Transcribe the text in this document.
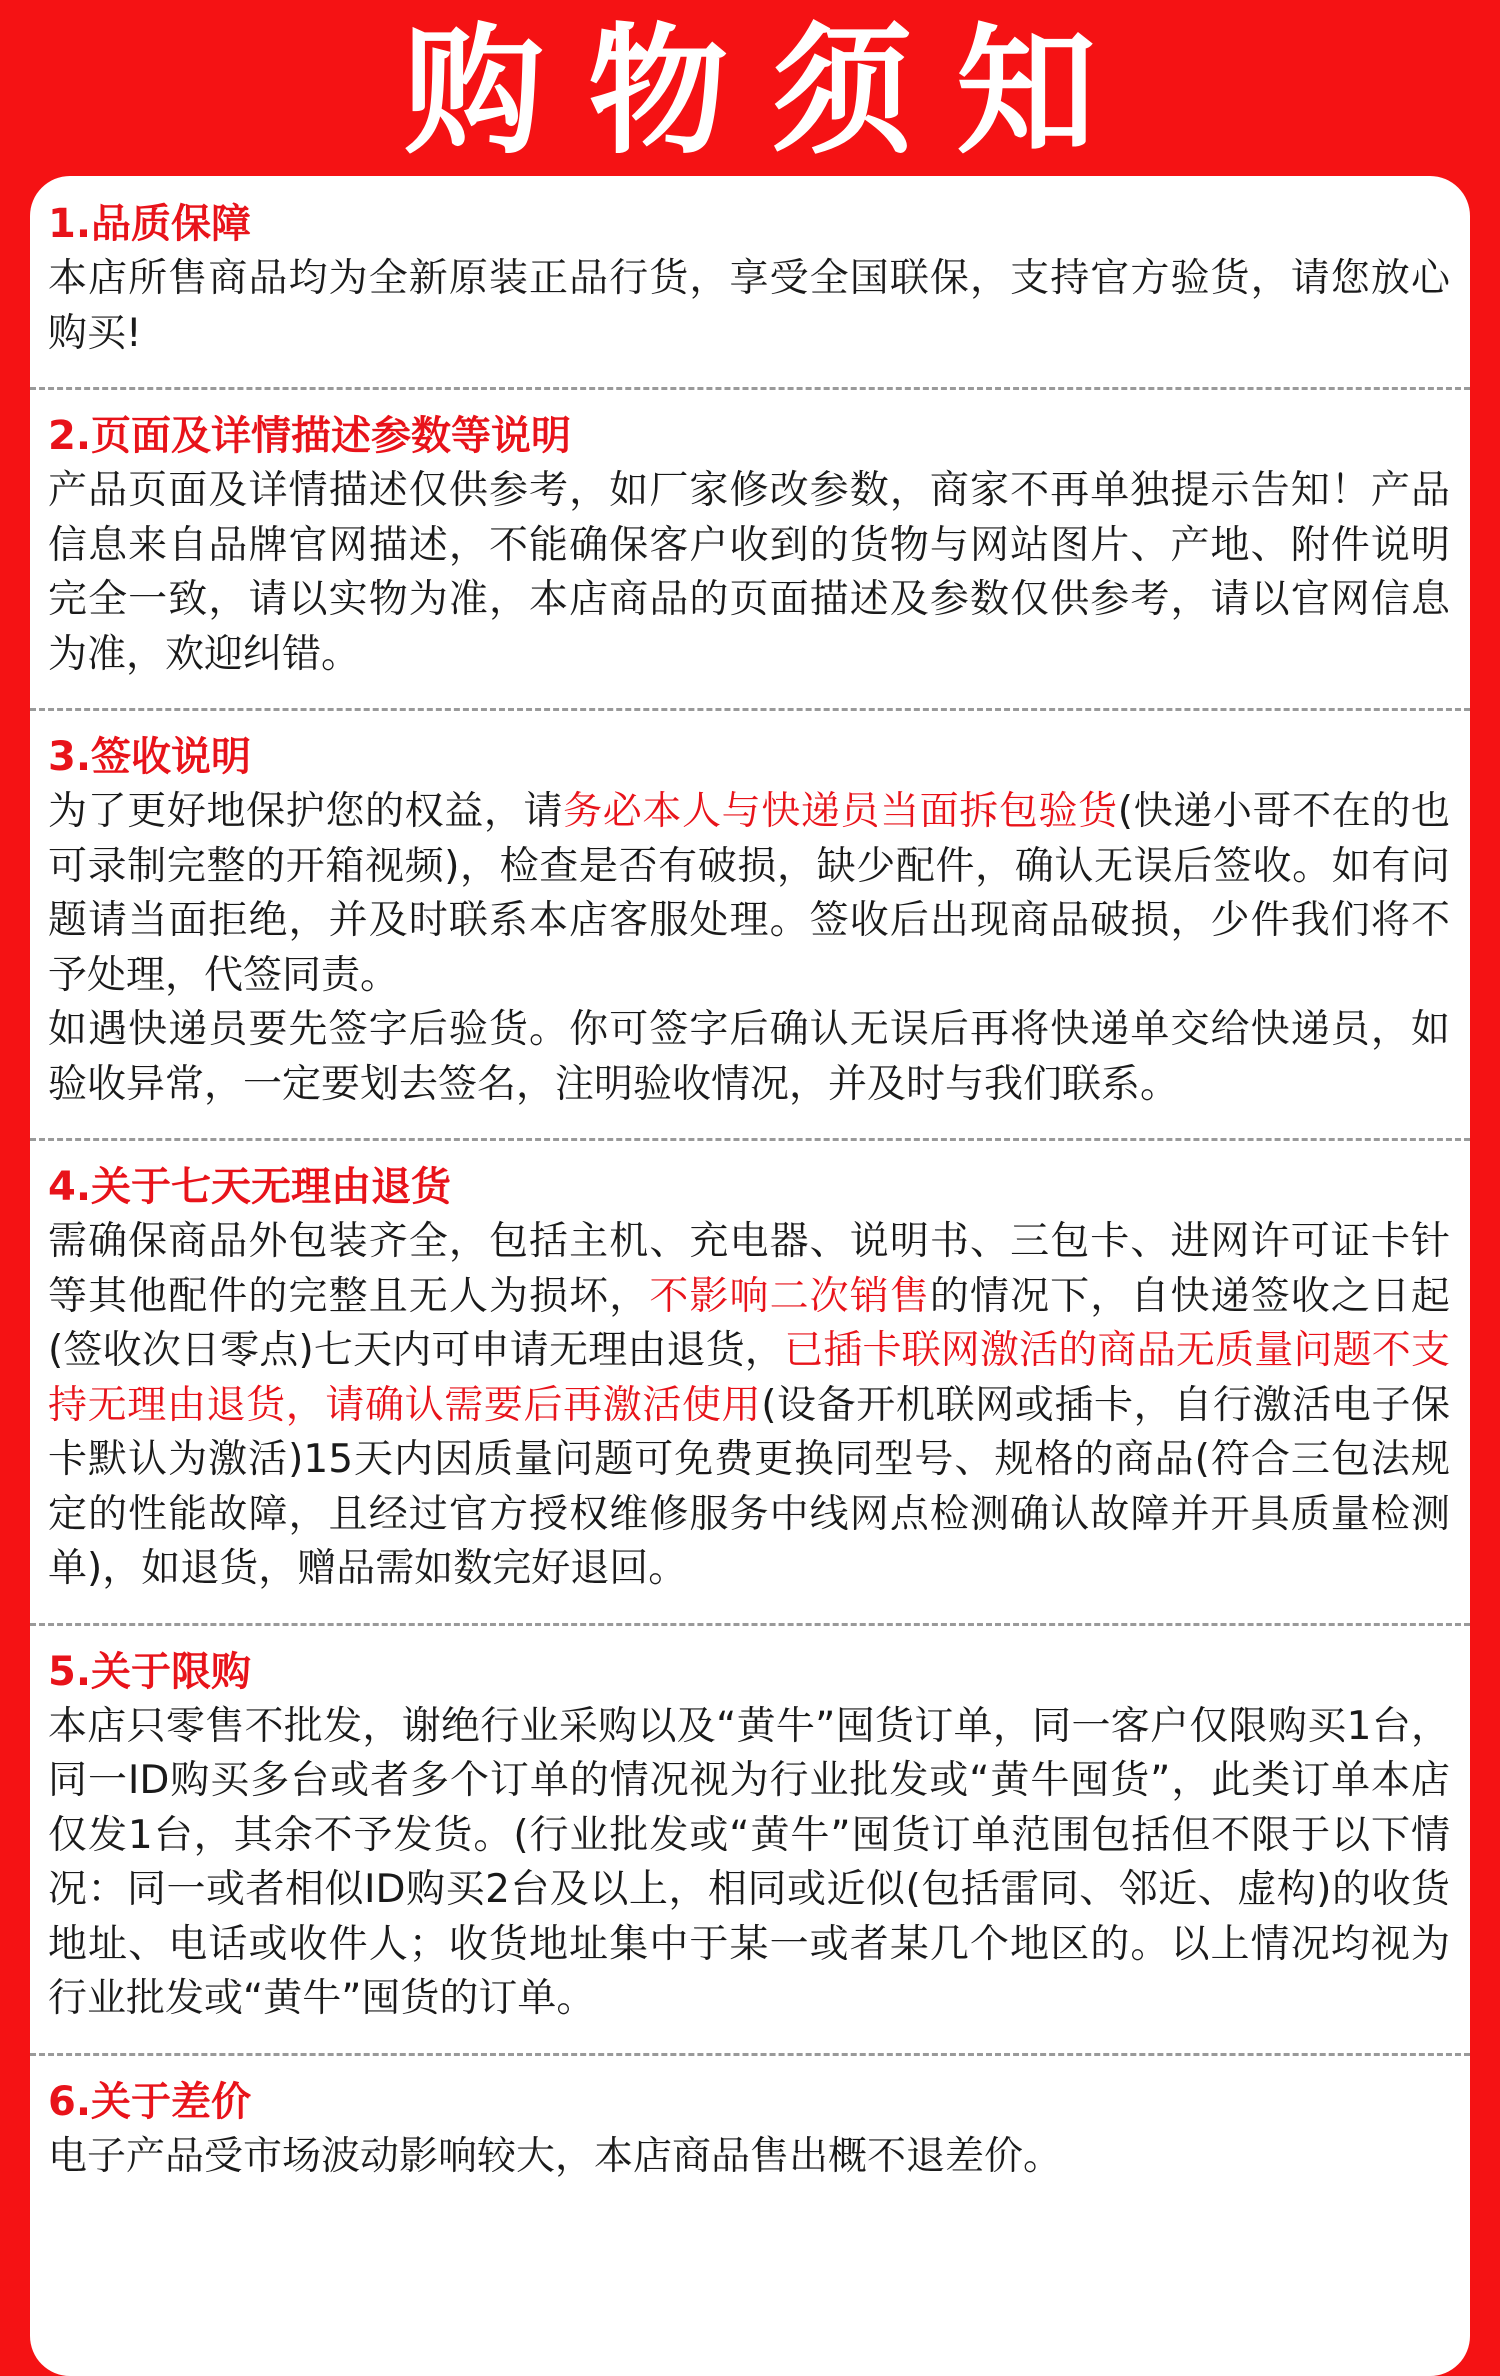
购物须知
1.品质保障

本店所售商品均为全新原装正品行货，享受全国联保，支持官方验货，请您放心购买!

2.页面及详情描述参数等说明

产品页面及详情描述仅供参考，如厂家修改参数，商家不再单独提示告知！产品信息来自品牌官网描述，不能确保客户收到的货物与网站图片、产地、附件说明完全一致，请以实物为准，本店商品的页面描述及参数仅供参考，请以官网信息为准，欢迎纠错。

3.签收说明

为了更好地保护您的权益，请务必本人与快递员当面拆包验货(快递小哥不在的也可录制完整的开箱视频)，检查是否有破损，缺少配件，确认无误后签收。如有问题请当面拒绝，并及时联系本店客服处理。签收后出现商品破损，少件我们将不予处理，代签同责。

如遇快递员要先签字后验货。你可签字后确认无误后再将快递单交给快递员，如验收异常，一定要划去签名，注明验收情况，并及时与我们联系。

4.关于七天无理由退货

需确保商品外包装齐全，包括主机、充电器、说明书、三包卡、进网许可证卡针等其他配件的完整且无人为损坏，不影响二次销售的情况下，自快递签收之日起(签收次日零点)七天内可申请无理由退货，已插卡联网激活的商品无质量问题不支持无理由退货，请确认需要后再激活使用(设备开机联网或插卡，自行激活电子保卡默认为激活)15天内因质量问题可免费更换同型号、规格的商品(符合三包法规定的性能故障，且经过官方授权维修服务中线网点检测确认故障并开具质量检测单)，如退货，赠品需如数完好退回。

5.关于限购

本店只零售不批发，谢绝行业采购以及“黄牛”囤货订单，同一客户仅限购买1台，同一ID购买多台或者多个订单的情况视为行业批发或“黄牛囤货”，此类订单本店仅发1台，其余不予发货。(行业批发或“黄牛”囤货订单范围包括但不限于以下情况：同一或者相似ID购买2台及以上，相同或近似(包括雷同、邻近、虚构)的收货地址、电话或收件人；收货地址集中于某一或者某几个地区的。以上情况均视为行业批发或“黄牛”囤货的订单。

6.关于差价

电子产品受市场波动影响较大，本店商品售出概不退差价。
